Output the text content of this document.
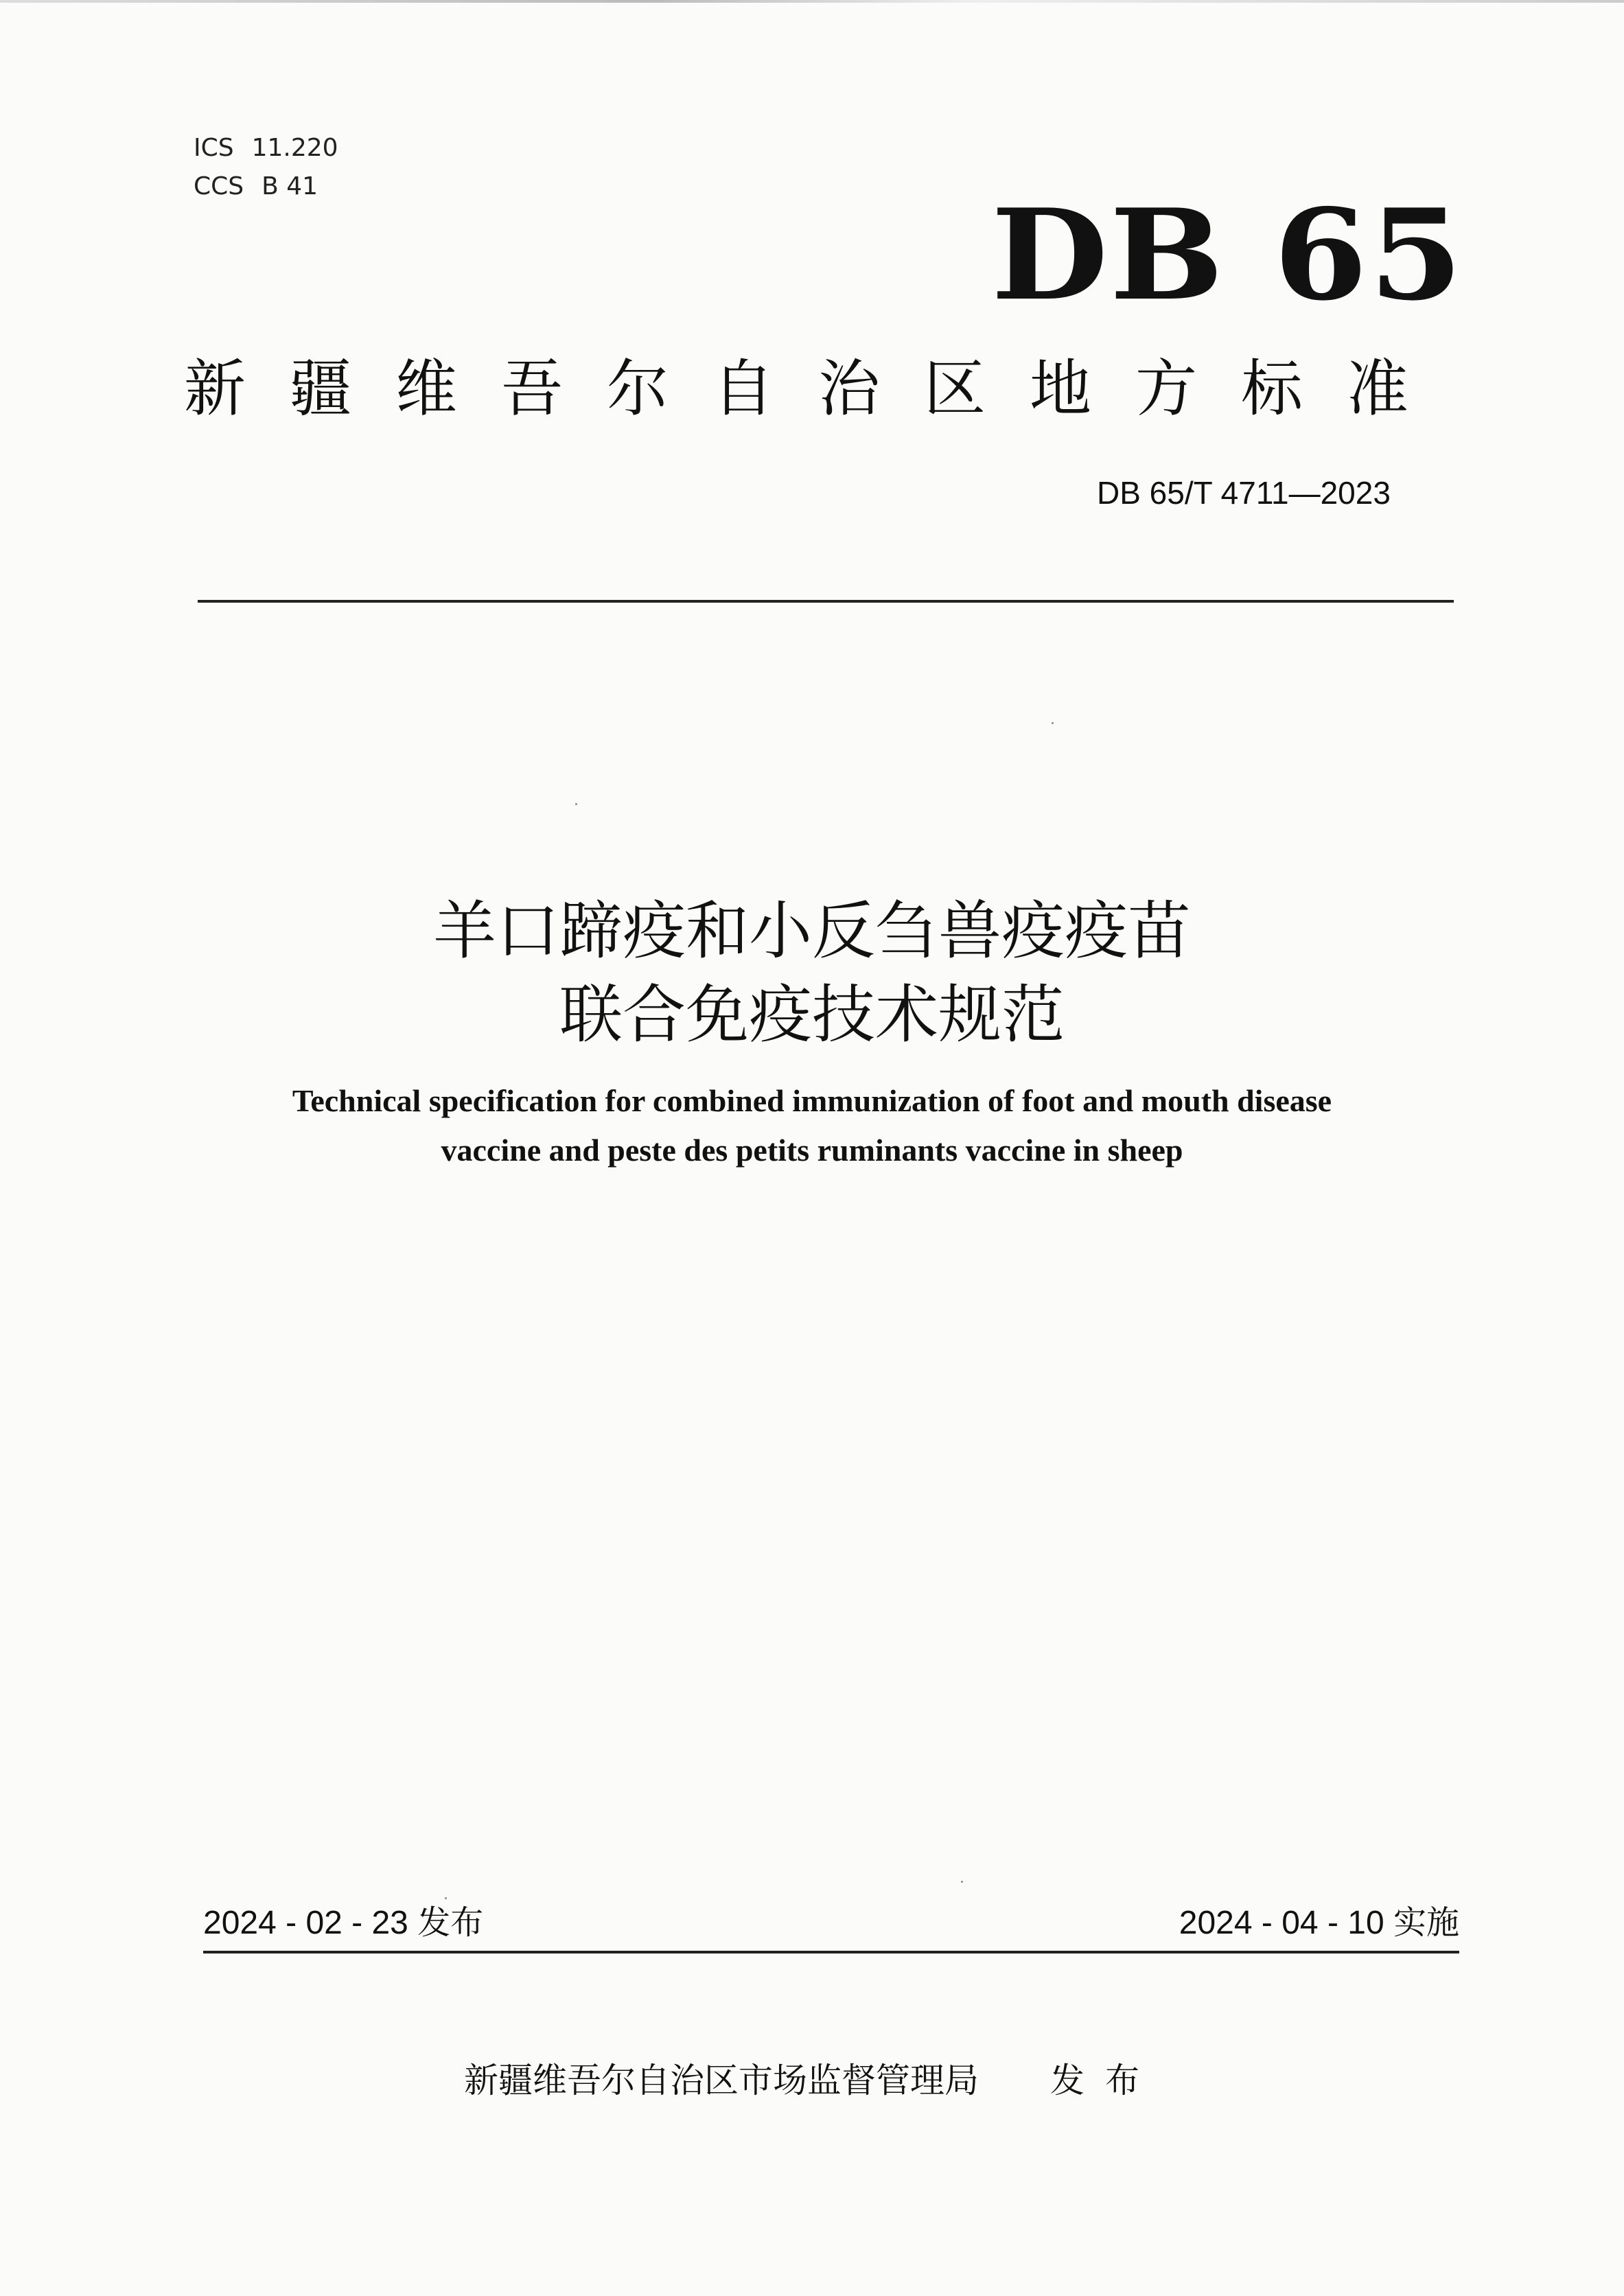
ICS 11.220
CCS B 41	DB 65
新疆维吾尔自治区地方标准
DB 65/T 4711—2023
羊口蹄疫和小反刍兽疫疫苗
联合免疫技术规范
Technical specification for combined immunization of foot and mouth disease
vaccine and peste des petits ruminants vaccine in sheep
2024 - 02 - 23 发布	2024 - 04 - 10 实施
新疆维吾尔自治区市场监督管理局 发布
